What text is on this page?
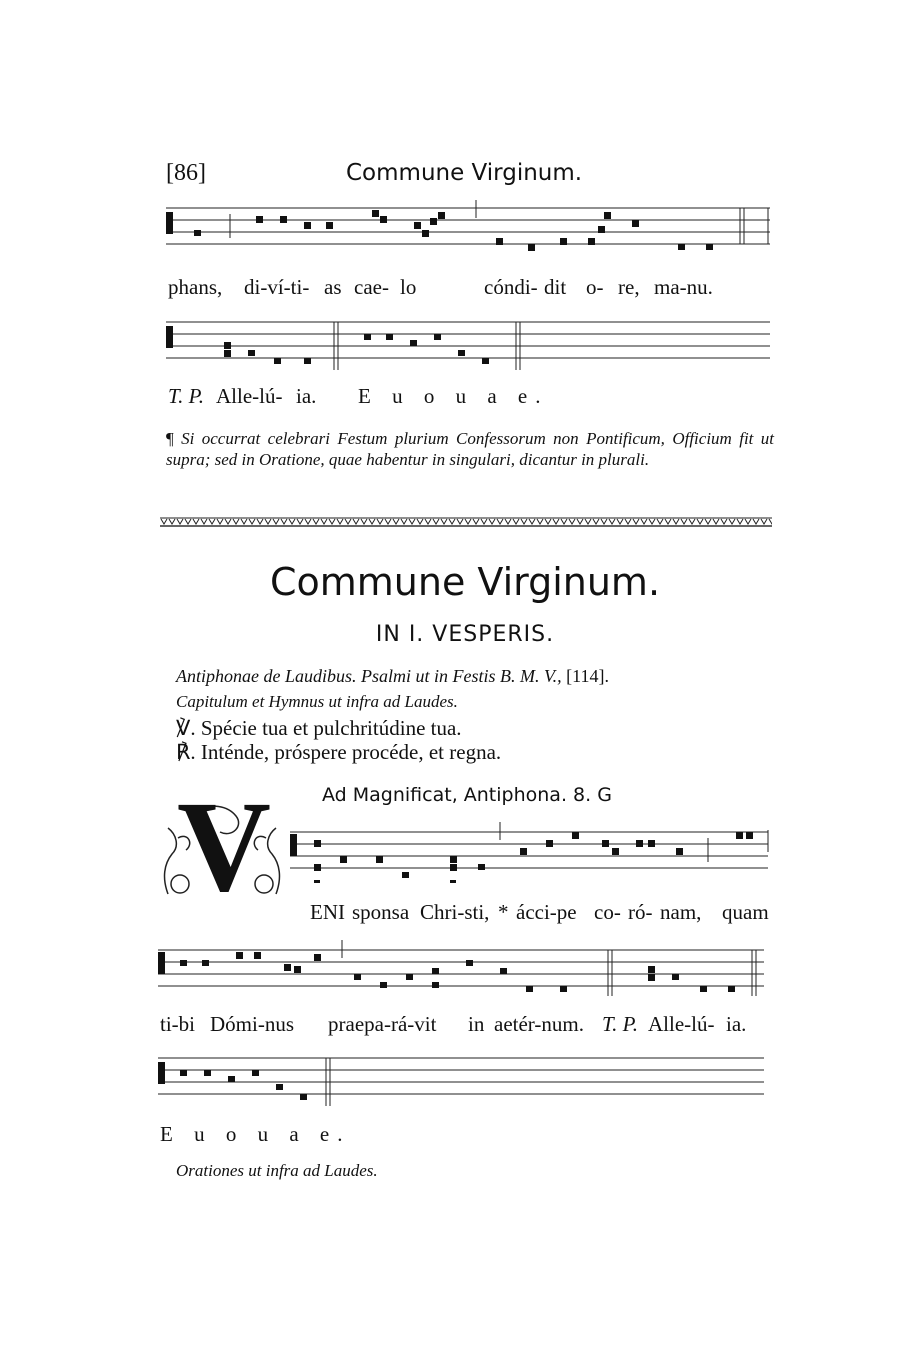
[86]	Commune Virginum.
phans, di-ví-ti- as cae- lo	cóndi- dit o- re, ma-nu.
T. P. Alle-lú- ia. E u o u a e.
¶ Si occurrat celebrari Festum plurium Confessorum non Pontificum, Officium fit ut supra; sed in Oratione, quae habentur in singulari, dicantur in plurali.
Commune Virginum.
IN I. VESPERIS.
Antiphonae de Laudibus. Psalmi ut in Festis B. M. V., [114].
Capitulum et Hymnus ut infra ad Laudes.
℣. Spécie tua et pulchritúdine tua.
℟. Inténde, próspere procéde, et regna.
Ad Magnificat, Antiphona. 8. G
V	ENI sponsa Chri-sti, * ácci-pe co- ró- nam, quam
ti-bi Dómi-nus praepa-rá-vit in aetér-num. T. P. Alle-lú- ia.
E u o u a e.
Orationes ut infra ad Laudes.
